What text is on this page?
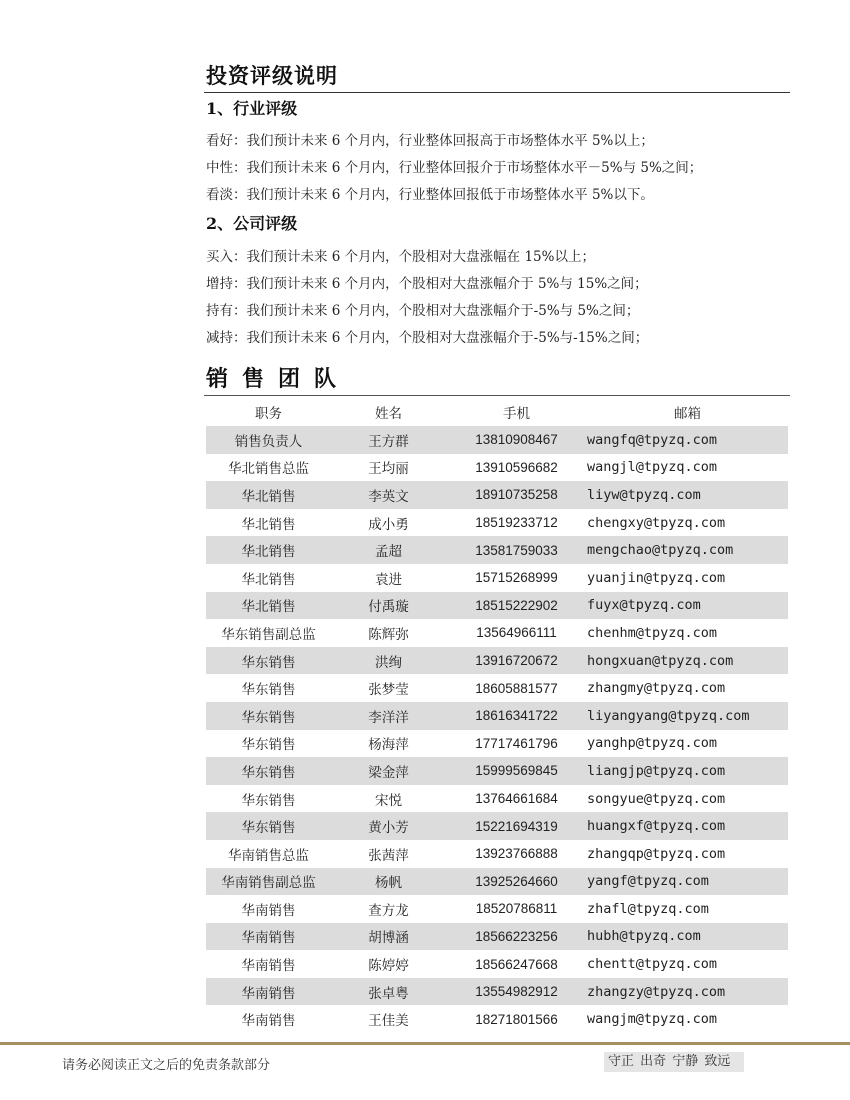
投资评级说明
1、行业评级
看好：我们预计未来 6 个月内，行业整体回报高于市场整体水平 5%以上；
中性：我们预计未来 6 个月内，行业整体回报介于市场整体水平－5%与 5%之间；
看淡：我们预计未来 6 个月内，行业整体回报低于市场整体水平 5%以下。
2、公司评级
买入：我们预计未来 6 个月内，个股相对大盘涨幅在 15%以上；
增持：我们预计未来 6 个月内，个股相对大盘涨幅介于 5%与 15%之间；
持有：我们预计未来 6 个月内，个股相对大盘涨幅介于-5%与 5%之间；
减持：我们预计未来 6 个月内，个股相对大盘涨幅介于-5%与-15%之间；
销售团队
职务	姓名	手机	邮箱
销售负责人	王方群	13810908467	wangfq@tpyzq.com
华北销售总监	王均丽	13910596682	wangjl@tpyzq.com
华北销售	李英文	18910735258	liyw@tpyzq.com
华北销售	成小勇	18519233712	chengxy@tpyzq.com
华北销售	孟超	13581759033	mengchao@tpyzq.com
华北销售	袁进	15715268999	yuanjin@tpyzq.com
华北销售	付禹璇	18515222902	fuyx@tpyzq.com
华东销售副总监	陈辉弥	13564966111	chenhm@tpyzq.com
华东销售	洪绚	13916720672	hongxuan@tpyzq.com
华东销售	张梦莹	18605881577	zhangmy@tpyzq.com
华东销售	李洋洋	18616341722	liyangyang@tpyzq.com
华东销售	杨海萍	17717461796	yanghp@tpyzq.com
华东销售	梁金萍	15999569845	liangjp@tpyzq.com
华东销售	宋悦	13764661684	songyue@tpyzq.com
华东销售	黄小芳	15221694319	huangxf@tpyzq.com
华南销售总监	张茜萍	13923766888	zhangqp@tpyzq.com
华南销售副总监	杨帆	13925264660	yangf@tpyzq.com
华南销售	查方龙	18520786811	zhafl@tpyzq.com
华南销售	胡博涵	18566223256	hubh@tpyzq.com
华南销售	陈婷婷	18566247668	chentt@tpyzq.com
华南销售	张卓粤	13554982912	zhangzy@tpyzq.com
华南销售	王佳美	18271801566	wangjm@tpyzq.com
请务必阅读正文之后的免责条款部分	守正 出奇 宁静 致远
